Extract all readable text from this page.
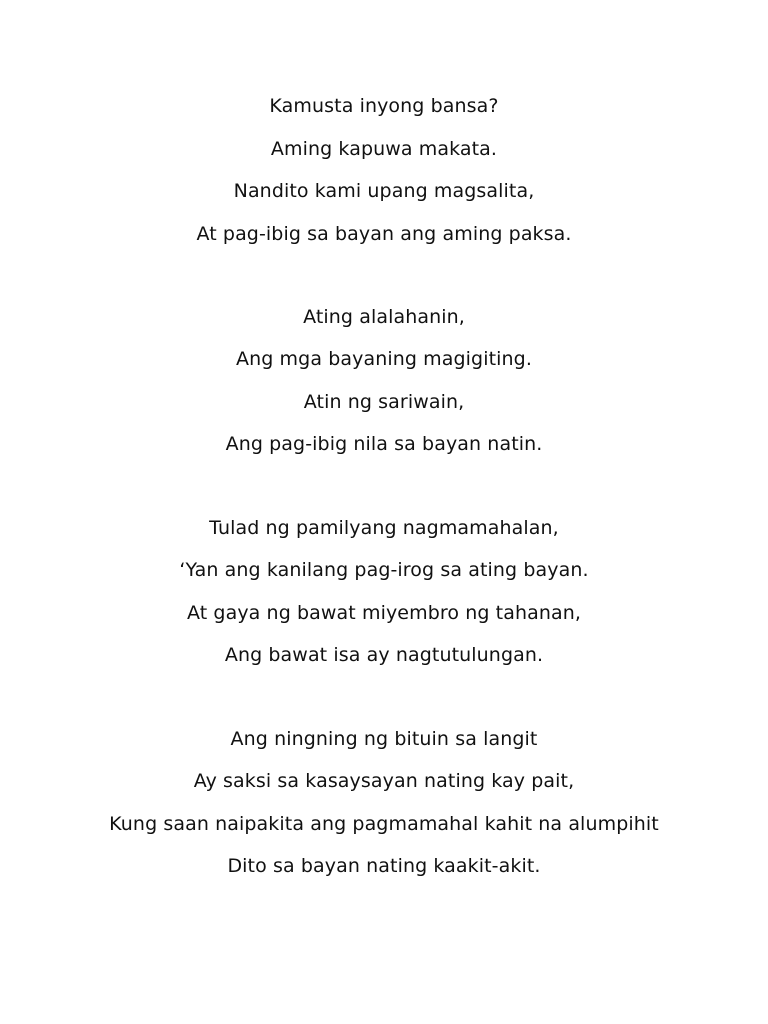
Kamusta inyong bansa?
Aming kapuwa makata.
Nandito kami upang magsalita,
At pag-ibig sa bayan ang aming paksa.
Ating alalahanin,
Ang mga bayaning magigiting.
Atin ng sariwain,
Ang pag-ibig nila sa bayan natin.
Tulad ng pamilyang nagmamahalan,
‘Yan ang kanilang pag-irog sa ating bayan.
At gaya ng bawat miyembro ng tahanan,
Ang bawat isa ay nagtutulungan.
Ang ningning ng bituin sa langit
Ay saksi sa kasaysayan nating kay pait,
Kung saan naipakita ang pagmamahal kahit na alumpihit
Dito sa bayan nating kaakit-akit.
